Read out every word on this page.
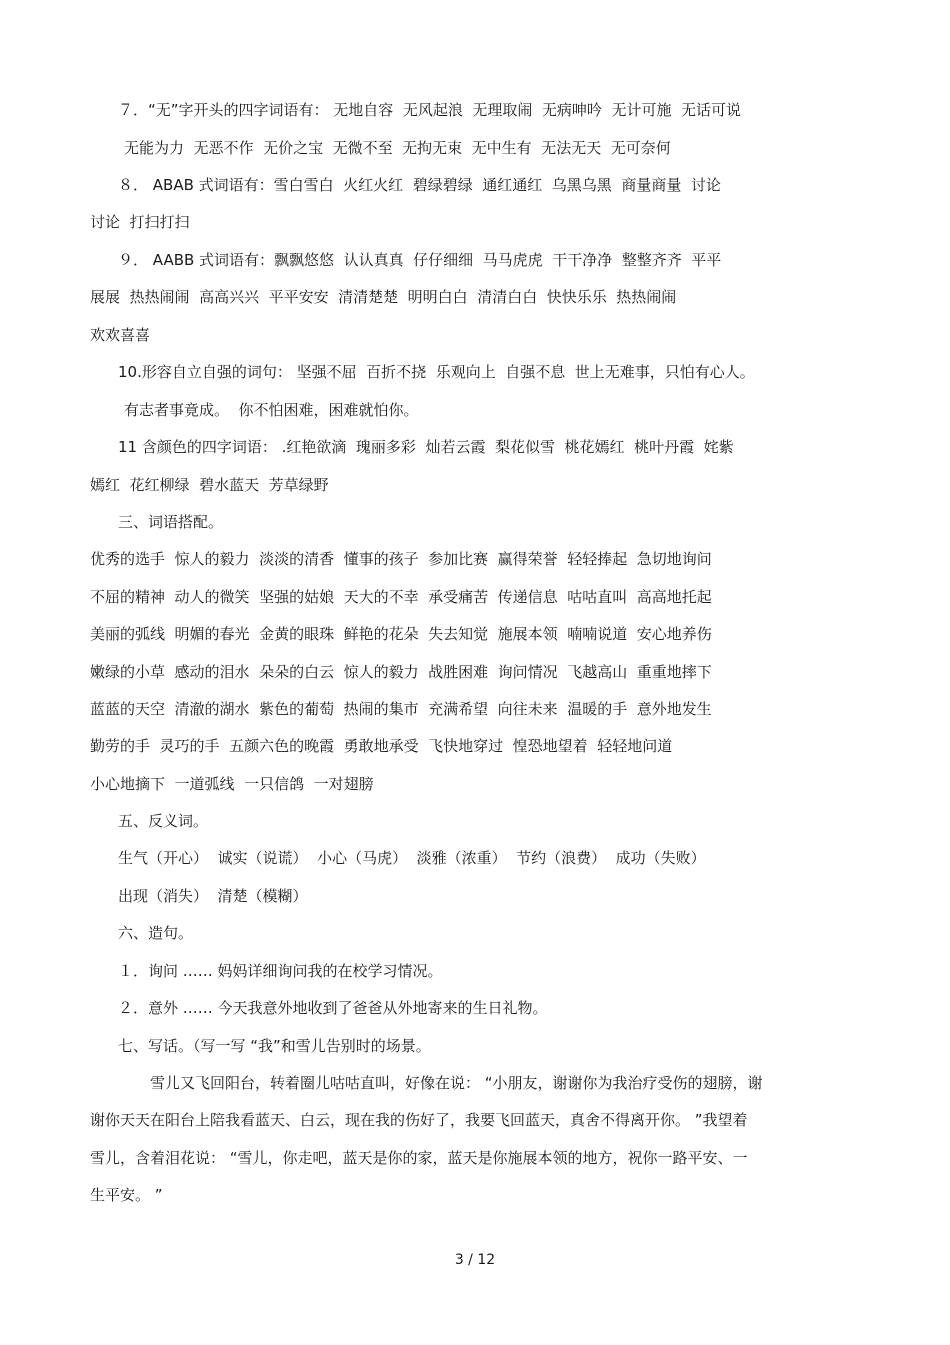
７．“无”字开头的四字词语有： 无地自容  无风起浪  无理取闹  无病呻吟  无计可施  无话可说
无能为力  无恶不作  无价之宝  无微不至  无拘无束  无中生有  无法无天  无可奈何
８． ABAB 式词语有：雪白雪白  火红火红  碧绿碧绿  通红通红  乌黑乌黑  商量商量  讨论
讨论  打扫打扫
９． AABB 式词语有：飘飘悠悠  认认真真  仔仔细细  马马虎虎  干干净净  整整齐齐  平平
展展  热热闹闹  高高兴兴  平平安安  清清楚楚  明明白白  清清白白  快快乐乐  热热闹闹
欢欢喜喜
10.形容自立自强的词句： 坚强不屈  百折不挠  乐观向上  自强不息  世上无难事，只怕有心人。
有志者事竟成。  你不怕困难，困难就怕你。
11 含颜色的四字词语： .红艳欲滴  瑰丽多彩  灿若云霞  梨花似雪  桃花嫣红  桃叶丹霞  姹紫
嫣红  花红柳绿  碧水蓝天  芳草绿野
三、词语搭配。
优秀的选手  惊人的毅力  淡淡的清香  懂事的孩子  参加比赛  赢得荣誉  轻轻捧起  急切地询问
不屈的精神  动人的微笑  坚强的姑娘  天大的不幸  承受痛苦  传递信息  咕咕直叫  高高地托起
美丽的弧线  明媚的春光  金黄的眼珠  鲜艳的花朵  失去知觉  施展本领  喃喃说道  安心地养伤
嫩绿的小草  感动的泪水  朵朵的白云  惊人的毅力  战胜困难  询问情况  飞越高山  重重地摔下
蓝蓝的天空  清澈的湖水  紫色的葡萄  热闹的集市  充满希望  向往未来  温暖的手  意外地发生
勤劳的手  灵巧的手  五颜六色的晚霞  勇敢地承受  飞快地穿过  惶恐地望着  轻轻地问道
小心地摘下  一道弧线  一只信鸽  一对翅膀
五、反义词。
生气（开心）  诚实（说谎）  小心（马虎）  淡雅（浓重）  节约（浪费）  成功（失败）
出现（消失）  清楚（模糊）
六、造句。
１．询问 …… 妈妈详细询问我的在校学习情况。
２．意外 …… 今天我意外地收到了爸爸从外地寄来的生日礼物。
七、写话。（写一写 “我”和雪儿告别时的场景。
雪儿又飞回阳台，转着圈儿咕咕直叫，好像在说： “小朋友，谢谢你为我治疗受伤的翅膀，谢
谢你天天在阳台上陪我看蓝天、白云，现在我的伤好了，我要飞回蓝天，真舍不得离开你。 ”我望着
雪儿，含着泪花说： “雪儿，你走吧，蓝天是你的家，蓝天是你施展本领的地方，祝你一路平安、一
生平安。 ”
3 / 12
